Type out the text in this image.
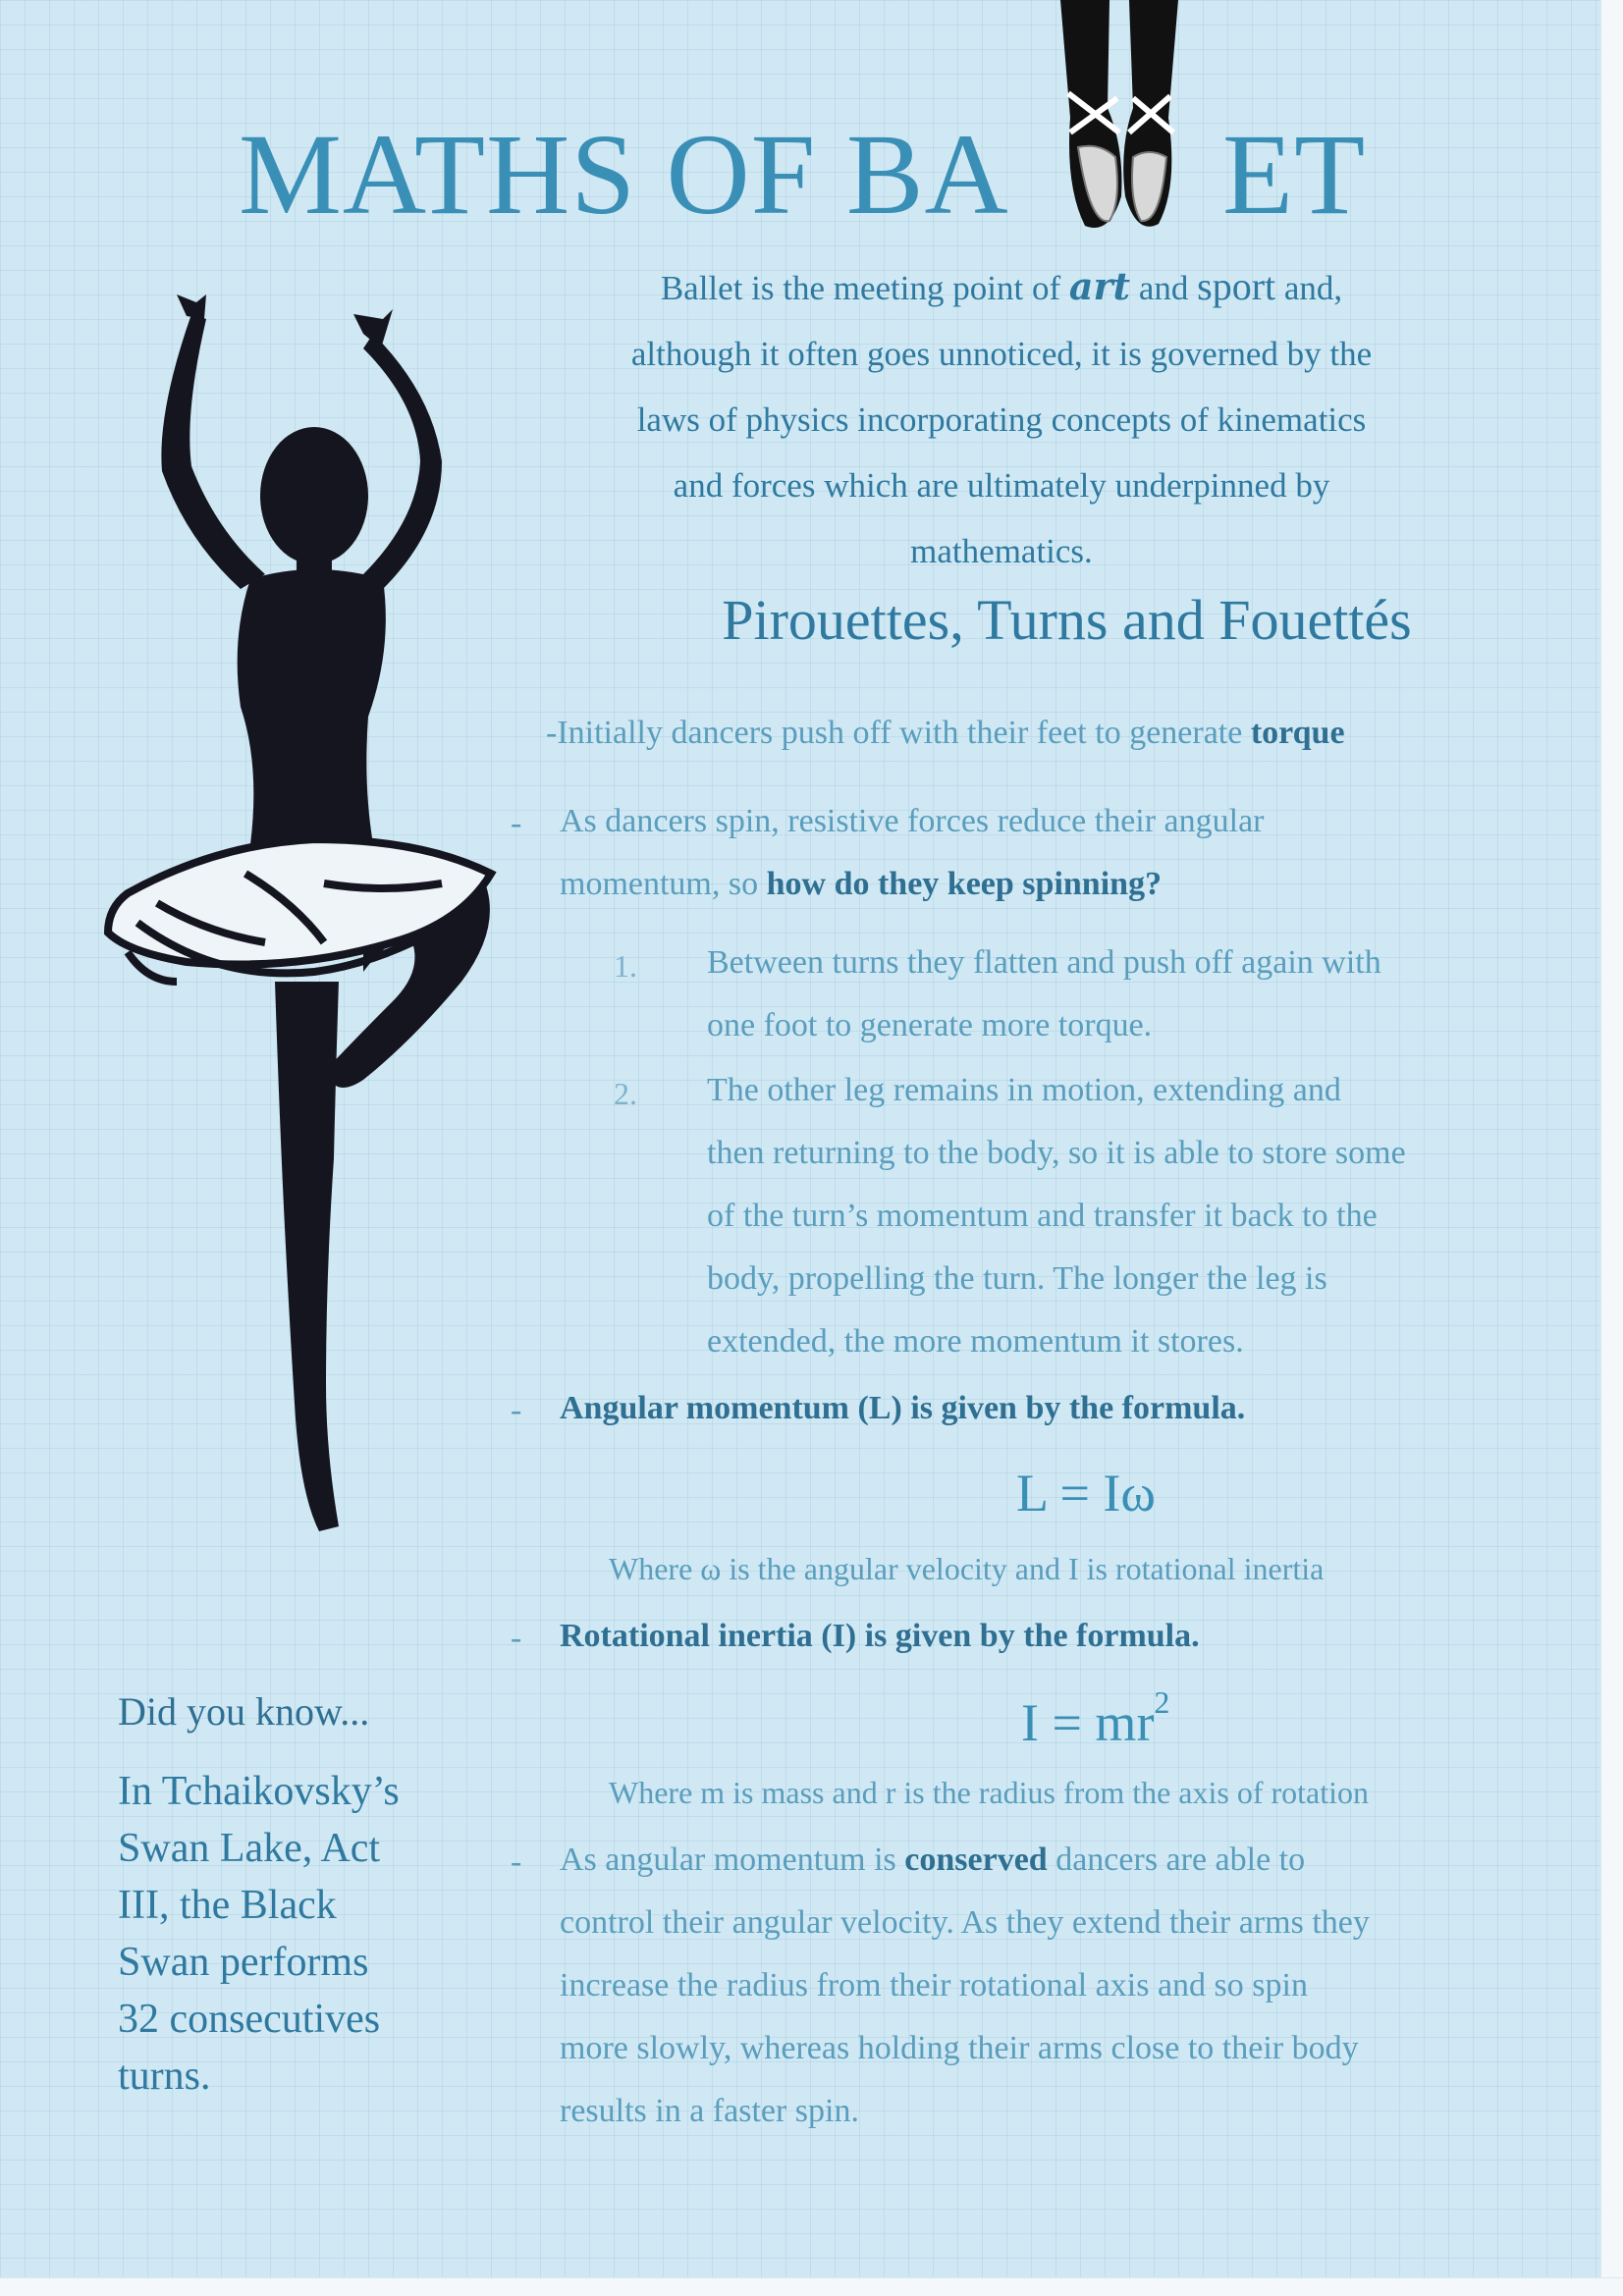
MATHS OF BA ET
Ballet is the meeting point of art and sport and,
although it often goes unnoticed, it is governed by the
laws of physics incorporating concepts of kinematics
and forces which are ultimately underpinned by
mathematics.
Pirouettes, Turns and Fouettés
-Initially dancers push off with their feet to generate torque
- As dancers spin, resistive forces reduce their angular
momentum, so how do they keep spinning?
1. Between turns they flatten and push off again with
one foot to generate more torque.
2. The other leg remains in motion, extending and
then returning to the body, so it is able to store some
of the turn’s momentum and transfer it back to the
body, propelling the turn. The longer the leg is
extended, the more momentum it stores.
- Angular momentum (L) is given by the formula.
L = Iω
Where ω is the angular velocity and I is rotational inertia
- Rotational inertia (I) is given by the formula.
$I = mr^2$
Where m is mass and r is the radius from the axis of rotation
- As angular momentum is conserved dancers are able to
control their angular velocity. As they extend their arms they
increase the radius from their rotational axis and so spin
more slowly, whereas holding their arms close to their body
results in a faster spin.
Did you know...
In Tchaikovsky’s
Swan Lake, Act
III, the Black
Swan performs
32 consecutives
turns.
